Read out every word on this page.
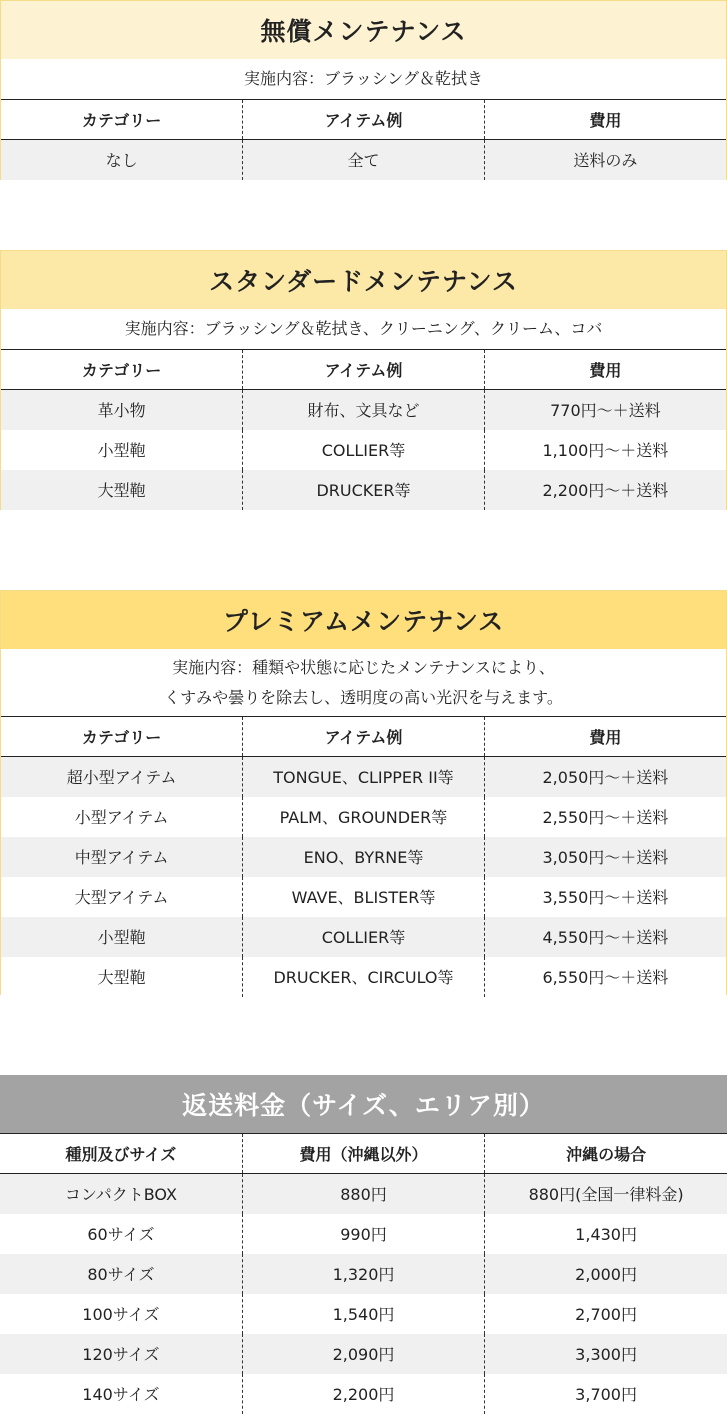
無償メンテナンス
実施内容：ブラッシング＆乾拭き
カテゴリー	アイテム例	費用
なし	全て	送料のみ
スタンダードメンテナンス
実施内容：ブラッシング＆乾拭き、クリーニング、クリーム、コバ
カテゴリー	アイテム例	費用
革小物	財布、文具など	770円〜＋送料
小型鞄	COLLIER等	1,100円〜＋送料
大型鞄	DRUCKER等	2,200円〜＋送料
プレミアムメンテナンス
実施内容：種類や状態に応じたメンテナンスにより、
くすみや曇りを除去し、透明度の高い光沢を与えます。
カテゴリー	アイテム例	費用
超小型アイテム	TONGUE、CLIPPER II等	2,050円〜＋送料
小型アイテム	PALM、GROUNDER等	2,550円〜＋送料
中型アイテム	ENO、BYRNE等	3,050円〜＋送料
大型アイテム	WAVE、BLISTER等	3,550円〜＋送料
小型鞄	COLLIER等	4,550円〜＋送料
大型鞄	DRUCKER、CIRCULO等	6,550円〜＋送料
返送料金（サイズ、エリア別）
種別及びサイズ	費用（沖縄以外）	沖縄の場合
コンパクトBOX	880円	880円(全国一律料金)
60サイズ	990円	1,430円
80サイズ	1,320円	2,000円
100サイズ	1,540円	2,700円
120サイズ	2,090円	3,300円
140サイズ	2,200円	3,700円
